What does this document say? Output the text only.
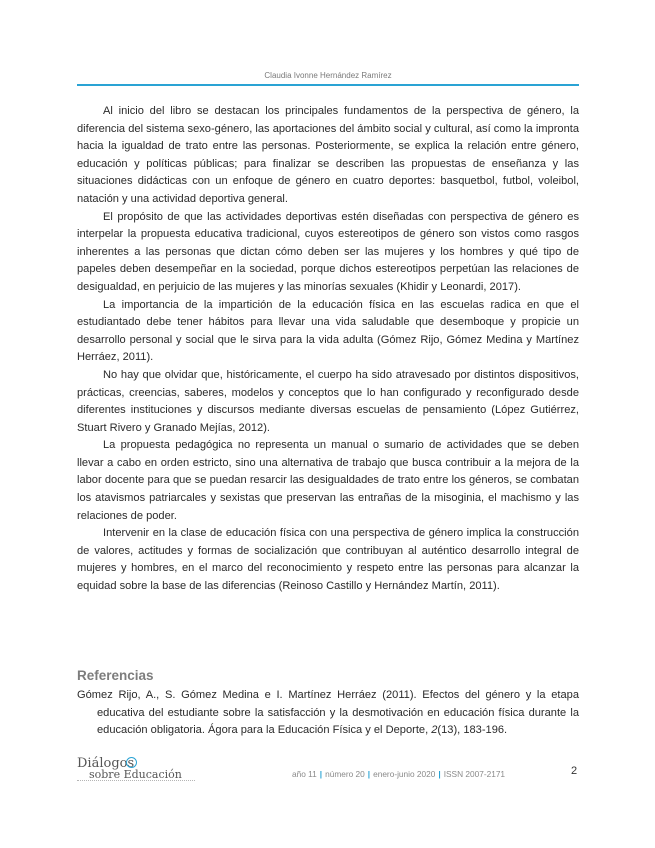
Claudia Ivonne Hernández Ramírez

Al inicio del libro se destacan los principales fundamentos de la perspectiva de género, la diferencia del sistema sexo-género, las aportaciones del ámbito social y cultural, así como la impronta hacia la igualdad de trato entre las personas. Posteriormente, se explica la relación entre género, educación y políticas públicas; para finalizar se describen las propuestas de enseñanza y las situaciones didácticas con un enfoque de género en cuatro deportes: basquetbol, futbol, voleibol, natación y una actividad deportiva general.

El propósito de que las actividades deportivas estén diseñadas con perspectiva de género es interpelar la propuesta educativa tradicional, cuyos estereotipos de género son vistos como rasgos inherentes a las personas que dictan cómo deben ser las mujeres y los hombres y qué tipo de papeles deben desempeñar en la sociedad, porque dichos estereotipos perpetúan las relaciones de desigualdad, en perjuicio de las mujeres y las minorías sexuales (Khidir y Leonardi, 2017).

La importancia de la impartición de la educación física en las escuelas radica en que el estudiantado debe tener hábitos para llevar una vida saludable que desemboque y propicie un desarrollo personal y social que le sirva para la vida adulta (Gómez Rijo, Gómez Medina y Martínez Herráez, 2011).

No hay que olvidar que, históricamente, el cuerpo ha sido atravesado por distintos dispositivos, prácticas, creencias, saberes, modelos y conceptos que lo han configurado y reconfigurado desde diferentes instituciones y discursos mediante diversas escuelas de pensamiento (López Gutiérrez, Stuart Rivero y Granado Mejías, 2012).

La propuesta pedagógica no representa un manual o sumario de actividades que se deben llevar a cabo en orden estricto, sino una alternativa de trabajo que busca contribuir a la mejora de la labor docente para que se puedan resarcir las desigualdades de trato entre los géneros, se combatan los atavismos patriarcales y sexistas que preservan las entrañas de la misoginia, el machismo y las relaciones de poder.

Intervenir en la clase de educación física con una perspectiva de género implica la construcción de valores, actitudes y formas de socialización que contribuyan al auténtico desarrollo integral de mujeres y hombres, en el marco del reconocimiento y respeto entre las personas para alcanzar la equidad sobre la base de las diferencias (Reinoso Castillo y Hernández Martín, 2011).

Referencias

Gómez Rijo, A., S. Gómez Medina e I. Martínez Herráez (2011). Efectos del género y la etapa educativa del estudiante sobre la satisfacción y la desmotivación en educación física durante la educación obligatoria. Ágora para la Educación Física y el Deporte, 2(13), 183-196.

Diálogos
sobre Educación	año 11 | número 20 | enero-junio 2020 | ISSN 2007-2171	2
